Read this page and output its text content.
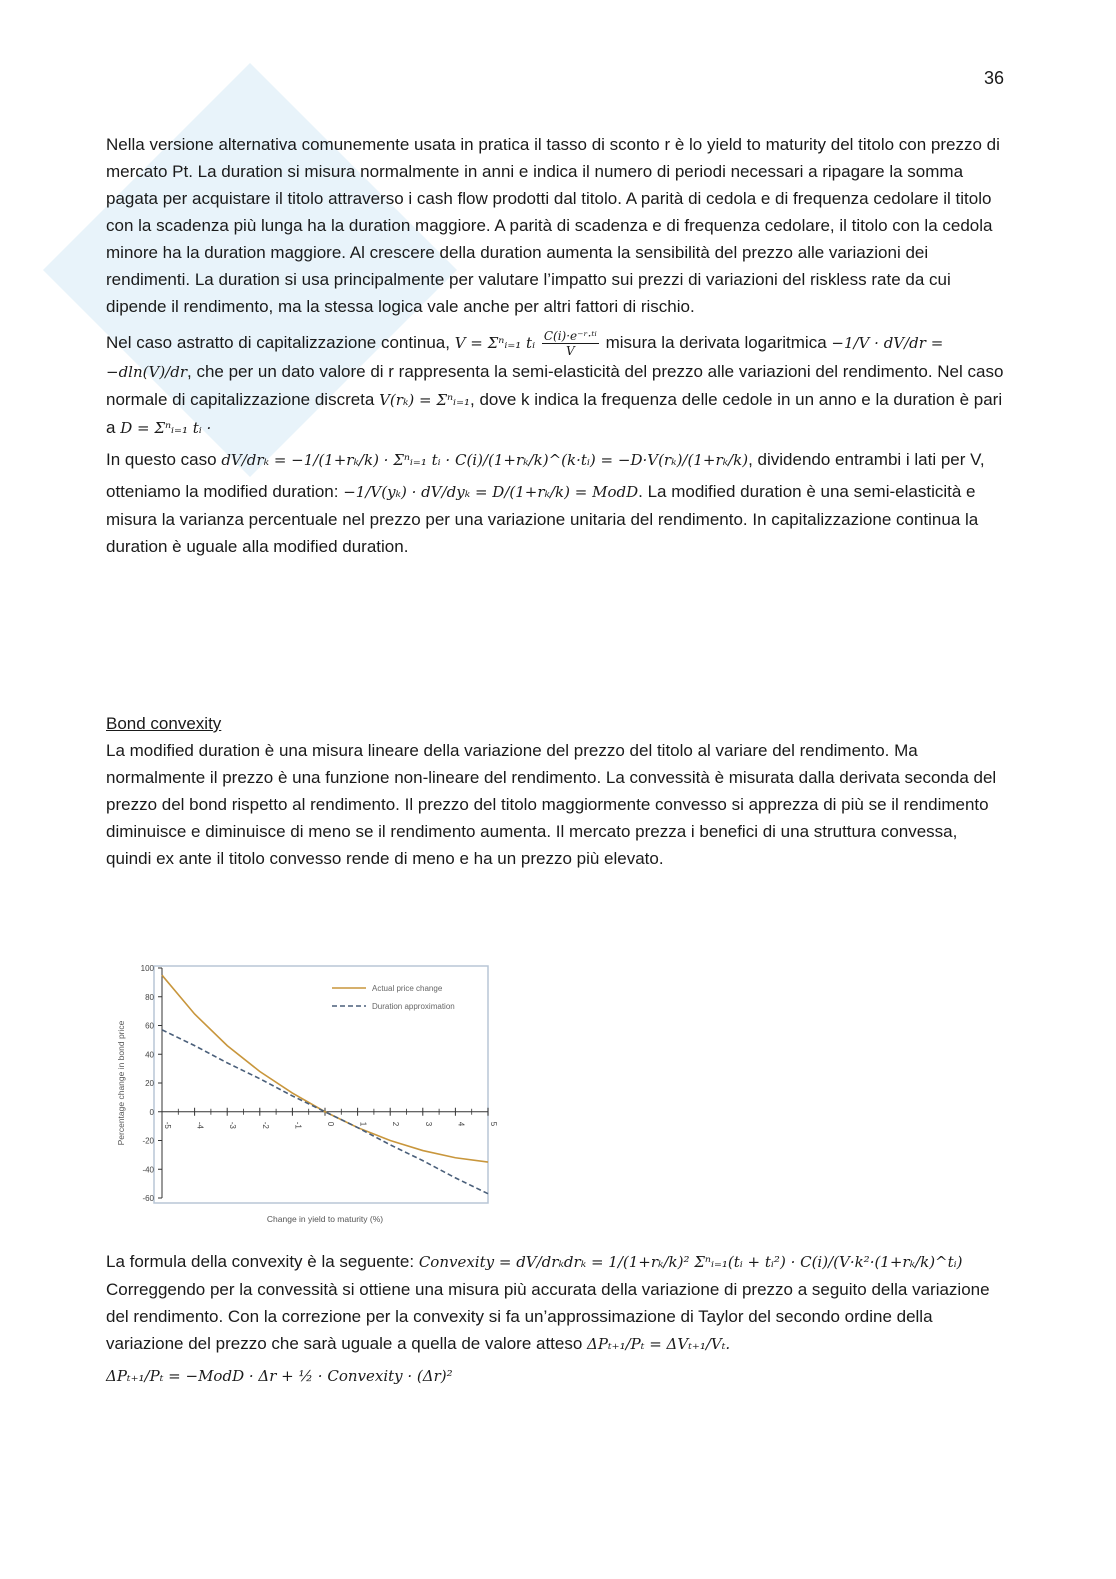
36

Nella versione alternativa comunemente usata in pratica il tasso di sconto r è lo yield to maturity del titolo con prezzo di mercato Pt. La duration si misura normalmente in anni e indica il numero di periodi necessari a ripagare la somma pagata per acquistare il titolo attraverso i cash flow prodotti dal titolo. A parità di cedola e di frequenza cedolare il titolo con la scadenza più lunga ha la duration maggiore. A parità di scadenza e di frequenza cedolare, il titolo con la cedola minore ha la duration maggiore. Al crescere della duration aumenta la sensibilità del prezzo alle variazioni dei rendimenti. La duration si usa principalmente per valutare l’impatto sui prezzi di variazioni del riskless rate da cui dipende il rendimento, ma la stessa logica vale anche per altri fattori di rischio.

Nel caso astratto di capitalizzazione continua, V = Σⁿᵢ₌₁ tᵢ $\frac{\text{C(i)·e⁻ʳ·ᵗⁱ}}{V}$ misura la derivata logaritmica −1/V · dV/dr = −dln(V)/dr, che per un dato valore di r rappresenta la semi-elasticità del prezzo alle variazioni del rendimento. Nel caso normale di capitalizzazione discreta V(rₖ) = Σⁿᵢ₌₁, dove k indica la frequenza delle cedole in un anno e la duration è pari a D = Σⁿᵢ₌₁ tᵢ ·

In questo caso dV/drₖ = −1/(1+rₖ/k) · Σⁿᵢ₌₁ tᵢ · C(i)/(1+rₖ/k)^(k·tᵢ) = −D·V(rₖ)/(1+rₖ/k), dividendo entrambi i lati per V,

otteniamo la modified duration: −1/V(yₖ) · dV/dyₖ = D/(1+rₖ/k) = ModD. La modified duration è una semi-elasticità e misura la varianza percentuale nel prezzo per una variazione unitaria del rendimento. In capitalizzazione continua la duration è uguale alla modified duration.

Bond convexity

La modified duration è una misura lineare della variazione del prezzo del titolo al variare del rendimento. Ma normalmente il prezzo è una funzione non-lineare del rendimento. La convessità è misurata dalla derivata seconda del prezzo del bond rispetto al rendimento. Il prezzo del titolo maggiormente convesso si apprezza di più se il rendimento diminuisce e diminuisce di meno se il rendimento aumenta. Il mercato prezza i benefici di una struttura convessa, quindi ex ante il titolo convesso rende di meno e ha un prezzo più elevato.

100
80
60
40
20
0
-20
-40
-60
-5	-4	-3	-2	-1	0	1	2	3	4	5
Actual price change
Duration approximation
Change in yield to maturity (%)
Percentage change in bond price

La formula della convexity è la seguente: Convexity = dV/drₖdrₖ = 1/(1+rₖ/k)² Σⁿᵢ₌₁(tᵢ + tᵢ²) · C(i)/(V·k²·(1+rₖ/k)^tᵢ)

Correggendo per la convessità si ottiene una misura più accurata della variazione di prezzo a seguito della variazione del rendimento. Con la correzione per la convexity si fa un’approssimazione di Taylor del secondo ordine della variazione del prezzo che sarà uguale a quella de valore atteso ΔPₜ₊₁/Pₜ = ΔVₜ₊₁/Vₜ.

ΔPₜ₊₁/Pₜ = −ModD · Δr + ½ · Convexity · (Δr)²
